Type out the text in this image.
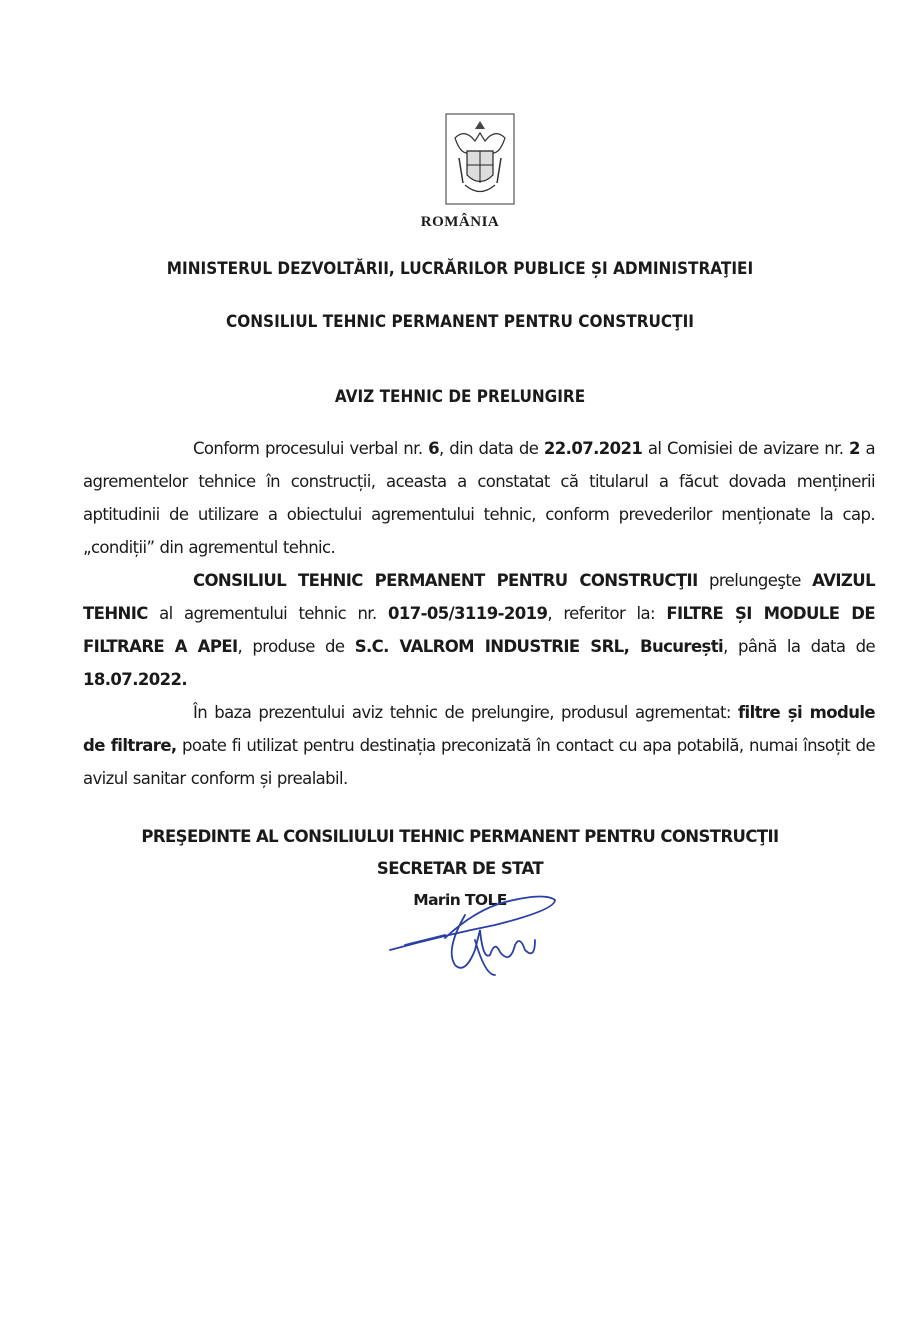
ROMÂNIA
MINISTERUL DEZVOLTĂRII, LUCRĂRILOR PUBLICE ȘI ADMINISTRAŢIEI
CONSILIUL TEHNIC PERMANENT PENTRU CONSTRUCŢII
AVIZ TEHNIC DE PRELUNGIRE

Conform procesului verbal nr. 6, din data de 22.07.2021 al Comisiei de avizare nr. 2 a agrementelor tehnice în construcții, aceasta a constatat că titularul a făcut dovada menținerii aptitudinii de utilizare a obiectului agrementului tehnic, conform prevederilor menționate la cap. „condiții” din agrementul tehnic.

CONSILIUL TEHNIC PERMANENT PENTRU CONSTRUCŢII prelungeşte AVIZUL TEHNIC al agrementului tehnic nr. 017-05/3119-2019, referitor la: FILTRE ȘI MODULE DE FILTRARE A APEI, produse de S.C. VALROM INDUSTRIE SRL, București, până la data de 18.07.2022.

În baza prezentului aviz tehnic de prelungire, produsul agrementat: filtre și module de filtrare, poate fi utilizat pentru destinația preconizată în contact cu apa potabilă, numai însoțit de avizul sanitar conform și prealabil.

PREŞEDINTE AL CONSILIULUI TEHNIC PERMANENT PENTRU CONSTRUCŢII
SECRETAR DE STAT
Marin TOLE
